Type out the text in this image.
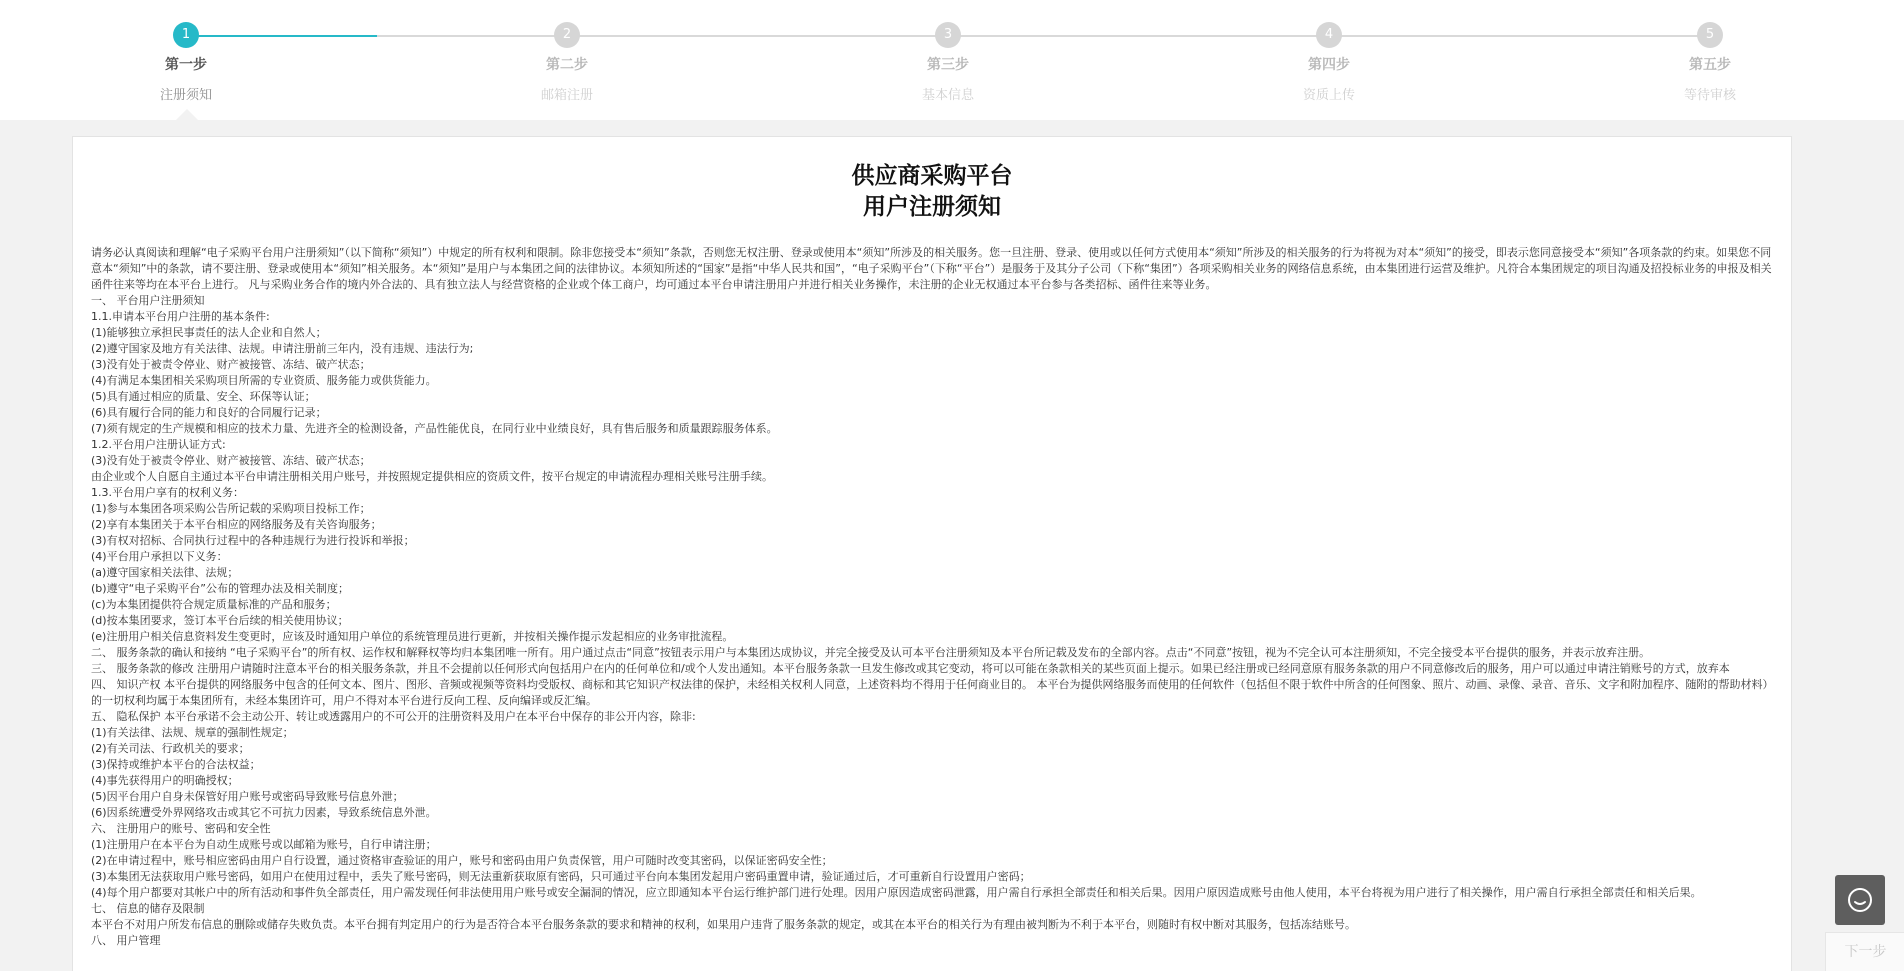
1
第一步
注册须知
2
第二步
邮箱注册
3
第三步
基本信息
4
第四步
资质上传
5
第五步
等待审核
供应商采购平台
用户注册须知

请务必认真阅读和理解“电子采购平台用户注册须知”（以下简称“须知”）中规定的所有权利和限制。除非您接受本“须知”条款，否则您无权注册、登录或使用本“须知”所涉及的相关服务。您一旦注册、登录、使用或以任何方式使用本“须知”所涉及的相关服务的行为将视为对本“须知”的接受，即表示您同意接受本“须知”各项条款的约束。如果您不同意本“须知”中的条款，请不要注册、登录或使用本“须知”相关服务。本“须知”是用户与本集团之间的法律协议。本须知所述的“国家”是指“中华人民共和国”，“电子采购平台”（下称“平台”）是服务于及其分子公司（下称“集团”）各项采购相关业务的网络信息系统，由本集团进行运营及维护。凡符合本集团规定的项目沟通及招投标业务的申报及相关函件往来等均在本平台上进行。 凡与采购业务合作的境内外合法的、具有独立法人与经营资格的企业或个体工商户，均可通过本平台申请注册用户并进行相关业务操作，未注册的企业无权通过本平台参与各类招标、函件往来等业务。

一、 平台用户注册须知

1.1.申请本平台用户注册的基本条件:

(1)能够独立承担民事责任的法人企业和自然人；

(2)遵守国家及地方有关法律、法规。申请注册前三年内，没有违规、违法行为;

(3)没有处于被责令停业、财产被接管、冻结、破产状态；

(4)有满足本集团相关采购项目所需的专业资质、服务能力或供货能力。

(5)具有通过相应的质量、安全、环保等认证；

(6)具有履行合同的能力和良好的合同履行记录；

(7)须有规定的生产规模和相应的技术力量、先进齐全的检测设备，产品性能优良，在同行业中业绩良好，具有售后服务和质量跟踪服务体系。

1.2.平台用户注册认证方式:

(3)没有处于被责令停业、财产被接管、冻结、破产状态；

由企业或个人自愿自主通过本平台申请注册相关用户账号，并按照规定提供相应的资质文件，按平台规定的申请流程办理相关账号注册手续。

1.3.平台用户享有的权利义务：

(1)参与本集团各项采购公告所记载的采购项目投标工作；

(2)享有本集团关于本平台相应的网络服务及有关咨询服务；

(3)有权对招标、合同执行过程中的各种违规行为进行投诉和举报；

(4)平台用户承担以下义务：

(a)遵守国家相关法律、法规；

(b)遵守“电子采购平台”公布的管理办法及相关制度；

(c)为本集团提供符合规定质量标准的产品和服务；

(d)按本集团要求，签订本平台后续的相关使用协议；

(e)注册用户相关信息资料发生变更时，应该及时通知用户单位的系统管理员进行更新，并按相关操作提示发起相应的业务审批流程。

二、 服务条款的确认和接纳 “电子采购平台”的所有权、运作权和解释权等均归本集团唯一所有。用户通过点击“同意”按钮表示用户与本集团达成协议，并完全接受及认可本平台注册须知及本平台所记载及发布的全部内容。点击“不同意”按钮，视为不完全认可本注册须知，不完全接受本平台提供的服务，并表示放弃注册。

三、 服务条款的修改 注册用户请随时注意本平台的相关服务条款，并且不会提前以任何形式向包括用户在内的任何单位和/或个人发出通知。本平台服务条款一旦发生修改或其它变动，将可以可能在条款相关的某些页面上提示。如果已经注册或已经同意原有服务条款的用户不同意修改后的服务，用户可以通过申请注销账号的方式，放弃本

四、 知识产权 本平台提供的网络服务中包含的任何文本、图片、图形、音频或视频等资料均受版权、商标和其它知识产权法律的保护，未经相关权利人同意，上述资料均不得用于任何商业目的。 本平台为提供网络服务而使用的任何软件（包括但不限于软件中所含的任何图象、照片、动画、录像、录音、音乐、文字和附加程序、随附的帮助材料）的一切权利均属于本集团所有，未经本集团许可，用户不得对本平台进行反向工程、反向编译或反汇编。

五、 隐私保护 本平台承诺不会主动公开、转让或透露用户的不可公开的注册资料及用户在本平台中保存的非公开内容，除非:

(1)有关法律、法规、规章的强制性规定；

(2)有关司法、行政机关的要求；

(3)保持或维护本平台的合法权益；

(4)事先获得用户的明确授权；

(5)因平台用户自身未保管好用户账号或密码导致账号信息外泄；

(6)因系统遭受外界网络攻击或其它不可抗力因素，导致系统信息外泄。

六、 注册用户的账号、密码和安全性

(1)注册用户在本平台为自动生成账号或以邮箱为账号，自行申请注册；

(2)在申请过程中，账号相应密码由用户自行设置，通过资格审查验证的用户，账号和密码由用户负责保管，用户可随时改变其密码，以保证密码安全性；

(3)本集团无法获取用户账号密码，如用户在使用过程中，丢失了账号密码，则无法重新获取原有密码，只可通过平台向本集团发起用户密码重置申请，验证通过后，才可重新自行设置用户密码；

(4)每个用户都要对其帐户中的所有活动和事件负全部责任，用户需发现任何非法使用用户账号或安全漏洞的情况，应立即通知本平台运行维护部门进行处理。因用户原因造成密码泄露，用户需自行承担全部责任和相关后果。因用户原因造成账号由他人使用，本平台将视为用户进行了相关操作，用户需自行承担全部责任和相关后果。

七、 信息的储存及限制

本平台不对用户所发布信息的删除或储存失败负责。本平台拥有判定用户的行为是否符合本平台服务条款的要求和精神的权利，如果用户违背了服务条款的规定，或其在本平台的相关行为有理由被判断为不利于本平台，则随时有权中断对其服务，包括冻结账号。

八、 用户管理

下一步
